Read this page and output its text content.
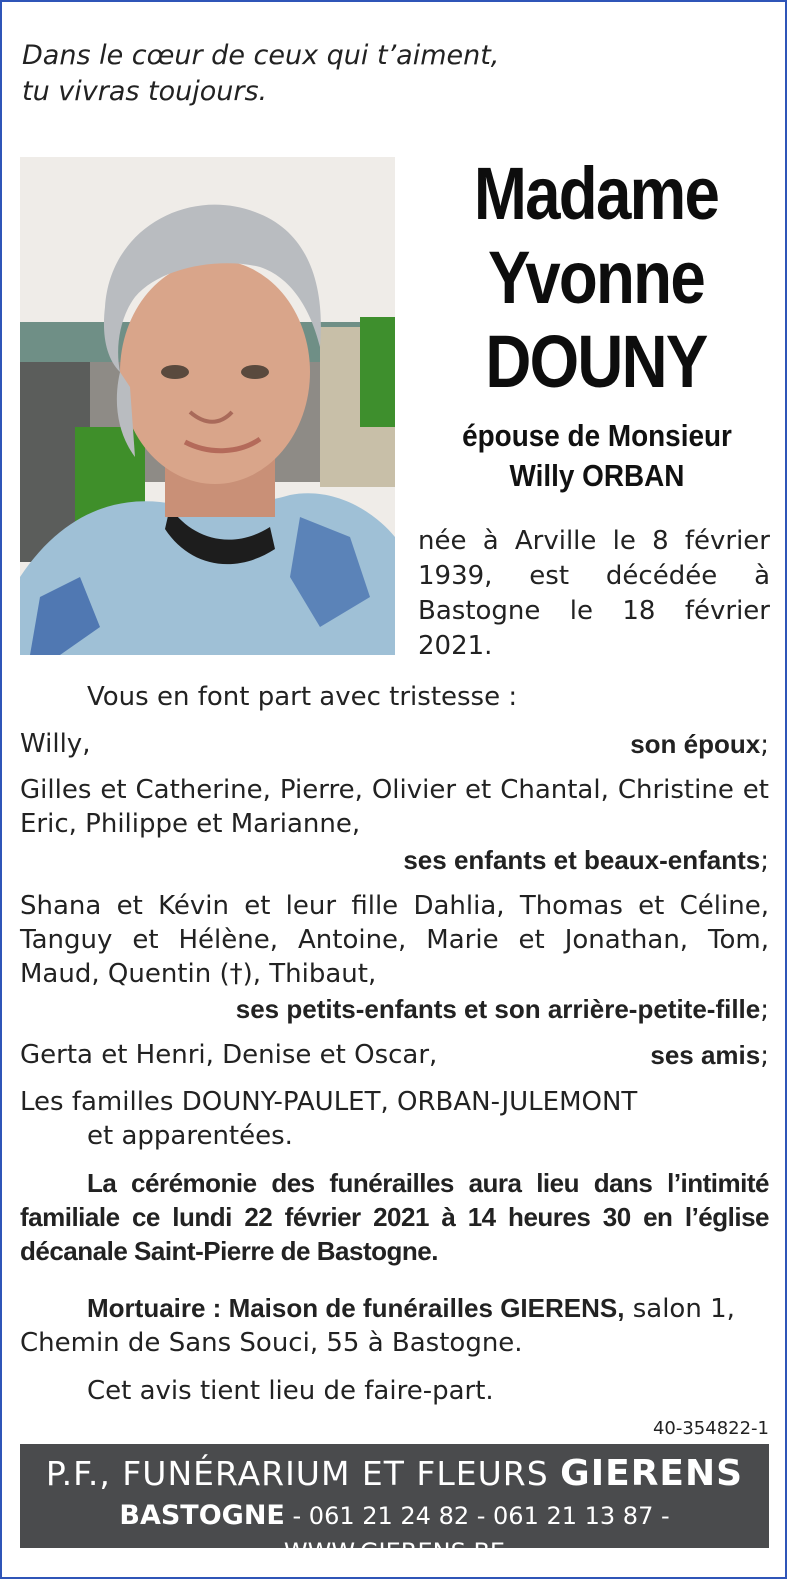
Dans le cœur de ceux qui t’aiment,
tu vivras toujours.
Madame
Yvonne
DOUNY
épouse de Monsieur
Willy ORBAN
née à Arville le 8 février 1939, est décédée à Bastogne le 18 février 2021.
Vous en font part avec tristesse :
Willy,	son époux;
Gilles et Catherine, Pierre, Olivier et Chantal, Christine et Eric, Philippe et Marianne,
ses enfants et beaux-enfants;
Shana et Kévin et leur fille Dahlia, Thomas et Céline, Tanguy et Hélène, Antoine, Marie et Jonathan, Tom, Maud, Quentin (†), Thibaut,
ses petits-enfants et son arrière-petite-fille;
Gerta et Henri, Denise et Oscar,	ses amis;
Les familles DOUNY-PAULET, ORBAN-JULEMONT
et apparentées.
La cérémonie des funérailles aura lieu dans l’intimité familiale ce lundi 22 février 2021 à 14 heures 30 en l’église décanale Saint-Pierre de Bastogne.
Mortuaire : Maison de funérailles GIERENS, salon 1, Chemin de Sans Souci, 55 à Bastogne.
Cet avis tient lieu de faire-part.
40-354822-1
P.F., FUNÉRARIUM ET FLEURS GIERENS
BASTOGNE - 061 21 24 82 - 061 21 13 87 - WWW.GIERENS.BE
